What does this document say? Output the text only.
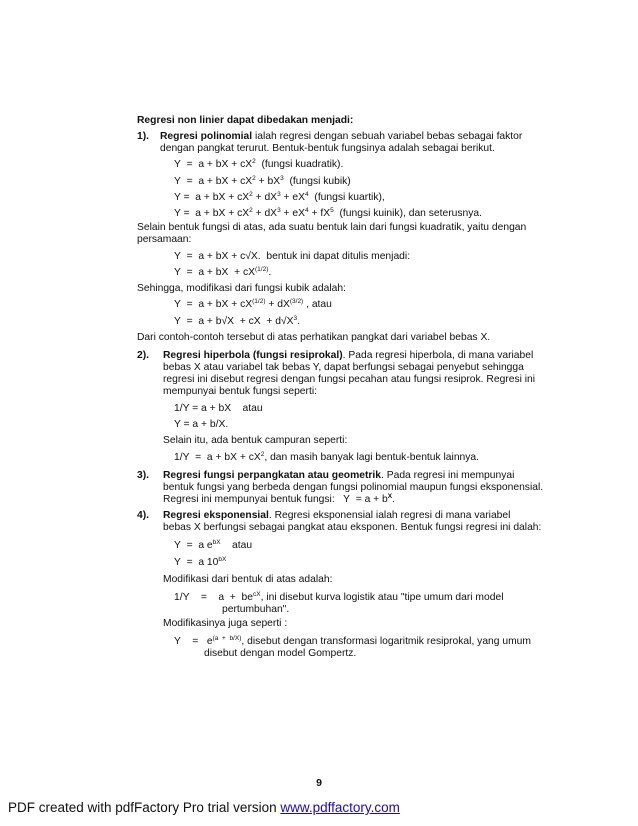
Regresi non linier dapat dibedakan menjadi:
1). Regresi polinomial ialah regresi dengan sebuah variabel bebas sebagai faktor
dengan pangkat terurut. Bentuk-bentuk fungsinya adalah sebagai berikut.
Y  =  a + bX + $cX^2$ (fungsi kuadratik).
Y  =  a + bX + $cX^2 + bX^3$ (fungsi kubik)
Y =  a + bX + $cX^2 + dX^3 + eX^4$ (fungsi kuartik),
Y =  a + bX + $cX^2 + dX^3 + eX^4 + fX^5$ (fungsi kuinik), dan seterusnya.
Selain bentuk fungsi di atas, ada suatu bentuk lain dari fungsi kuadratik, yaitu dengan
persamaan:
Y  =  a + bX + c√X.  bentuk ini dapat ditulis menjadi:
Y  =  a + bX  + $cX^{(1/2)}$.
Sehingga, modifikasi dari fungsi kubik adalah:
Y  =  a + bX + $cX^{(1/2)} + dX^{(3/2)}$ , atau
Y  =  a + b√X  + cX  + $d√X^3$.
Dari contoh-contoh tersebut di atas perhatikan pangkat dari variabel bebas X.
2). Regresi hiperbola (fungsi resiprokal). Pada regresi hiperbola, di mana variabel
bebas X atau variabel tak bebas Y, dapat berfungsi sebagai penyebut sehingga
regresi ini disebut regresi dengan fungsi pecahan atau fungsi resiprok. Regresi ini
mempunyai bentuk fungsi seperti:
1/Y = a + bX atau
Y = a + b/X.
Selain itu, ada bentuk campuran seperti:
1/Y  =  a + bX + $cX^2$, dan masih banyak lagi bentuk-bentuk lainnya.
3). Regresi fungsi perpangkatan atau geometrik. Pada regresi ini mempunyai
bentuk fungsi yang berbeda dengan fungsi polinomial maupun fungsi eksponensial.
Regresi ini mempunyai bentuk fungsi:   $Y = a + b^X$.
4). Regresi eksponensial. Regresi eksponensial ialah regresi di mana variabel
bebas X berfungsi sebagai pangkat atau eksponen. Bentuk fungsi regresi ini dalah:
Y  =  a $e^{bX}$ atau
Y  =  a $10^{bX}$
Modifikasi dari bentuk di atas adalah:
1/Y    =    $a + be^{cX}$, ini disebut kurva logistik atau "tipe umum dari model
pertumbuhan".
Modifikasinya juga seperti :
Y    =   $e^{(a + b/X)}$, disebut dengan transformasi logaritmik resiprokal, yang umum
disebut dengan model Gompertz.
9
PDF created with pdfFactory Pro trial version www.pdffactory.com
